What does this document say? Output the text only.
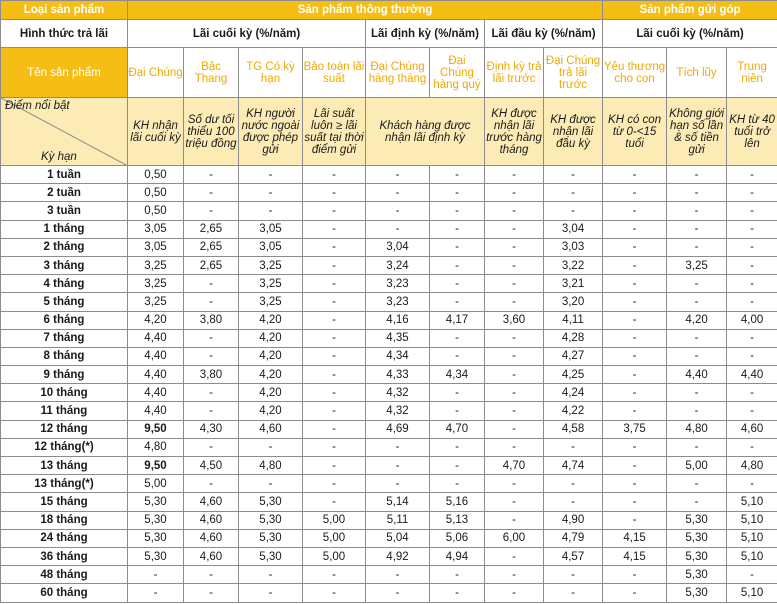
Loại sản phẩm	Sản phẩm thông thường								Sản phẩm gửi góp		
Hình thức trả lãi	Lãi cuối kỳ (%/năm)				Lãi định kỳ (%/năm)		Lãi đầu kỳ (%/năm)		Lãi cuối kỳ (%/năm)		
Tên sản phẩm	Đại Chúng	Bậc Thang	TG Có kỳ hạn	Bảo toàn lãi suất	Đại Chúng hàng tháng	Đại Chúng hàng quý	Định kỳ trả lãi trước	Đại Chúng trả lãi trước	Yêu thương cho con	Tích lũy	Trung niên

Điểm nổi bật
Kỳ hạn	KH nhận lãi cuối kỳ	Số dư tối thiểu 100 triệu đồng	KH người nước ngoài được phép gửi	Lãi suất luôn ≥ lãi suất tại thời điểm gửi	Khách hàng được nhận lãi định kỳ		KH được nhận lãi trước hàng tháng	KH được nhận lãi đầu kỳ	KH có con từ 0-<15 tuổi	Không giới hạn số lần & số tiền gửi	KH từ 40 tuổi trở lên
1 tuần	0,50	-	-	-	-	-	-	-	-	-	-
2 tuần	0,50	-	-	-	-	-	-	-	-	-	-
3 tuần	0,50	-	-	-	-	-	-	-	-	-	-
1 tháng	3,05	2,65	3,05	-	-	-	-	3,04	-	-	-
2 tháng	3,05	2,65	3,05	-	3,04	-	-	3,03	-	-	-
3 tháng	3,25	2,65	3,25	-	3,24	-	-	3,22	-	3,25	-
4 tháng	3,25	-	3,25	-	3,23	-	-	3,21	-	-	-
5 tháng	3,25	-	3,25	-	3,23	-	-	3,20	-	-	-
6 tháng	4,20	3,80	4,20	-	4,16	4,17	3,60	4,11	-	4,20	4,00
7 tháng	4,40	-	4,20	-	4,35	-	-	4,28	-	-	-
8 tháng	4,40	-	4,20	-	4,34	-	-	4,27	-	-	-
9 tháng	4,40	3,80	4,20	-	4,33	4,34	-	4,25	-	4,40	4,40
10 tháng	4,40	-	4,20	-	4,32	-	-	4,24	-	-	-
11 tháng	4,40	-	4,20	-	4,32	-	-	4,22	-	-	-
12 tháng	9,50	4,30	4,60	-	4,69	4,70	-	4,58	3,75	4,80	4,60
12 tháng(*)	4,80	-	-	-	-	-	-	-	-	-	-
13 tháng	9,50	4,50	4,80	-	-	-	4,70	4,74	-	5,00	4,80
13 tháng(*)	5,00	-	-	-	-	-	-	-	-	-	-
15 tháng	5,30	4,60	5,30	-	5,14	5,16	-	-	-	-	5,10
18 tháng	5,30	4,60	5,30	5,00	5,11	5,13	-	4,90	-	5,30	5,10
24 tháng	5,30	4,60	5,30	5,00	5,04	5,06	6,00	4,79	4,15	5,30	5,10
36 tháng	5,30	4,60	5,30	5,00	4,92	4,94	-	4,57	4,15	5,30	5,10
48 tháng	-	-	-	-	-	-	-	-	-	5,30	-
60 tháng	-	-	-	-	-	-	-	-	-	5,30	5,10
